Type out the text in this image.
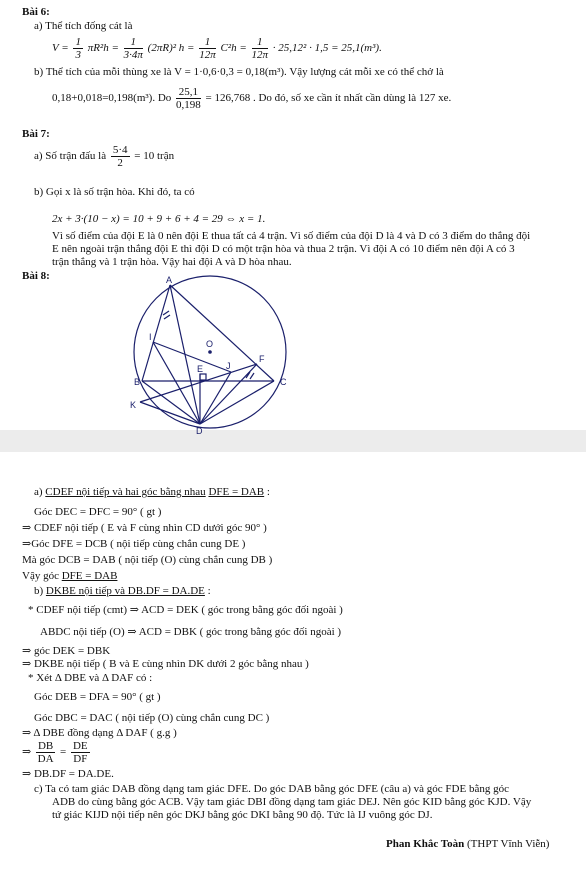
Bài 6:
a) Thể tích đống cát là
$V = \frac{1}{3} \pi R^2h = \frac{1}{3\cdot 4\pi} (2\pi R)^2$ $h = \frac{1}{12\pi} C^2h = \frac{1}{12\pi} \cdot 25,12^2 \cdot 1,5 = 25,1(m^3)$.
b) Thể tích của mỗi thùng xe là V = 1·0,6·0,3 = 0,18(m³). Vậy lượng cát mỗi xe có thể chở là
0,18+0,018=0,198(m³). Do $\frac{25,1}{0,198} = 126,768$ . Do đó, số xe cần ít nhất cần dùng là 127 xe.
Bài 7:
a) Số trận đấu là $\frac{5\cdot 4}{2} = 10$ trận
b) Gọi x là số trận hòa. Khi đó, ta có
2x + 3·(10 − x) = 10 + 9 + 6 + 4 = 29 ⇔ x = 1.
Vì số điểm của đội E là 0 nên đội E thua tất cả 4 trận. Vì số điểm của đội D là 4 và D có 3 điểm do thắng đội
E nên ngoài trận thắng đội E thì đội D có một trận hòa và thua 2 trận. Vì đội A có 10 điểm nên đội A có 3
trận thắng và 1 trận hòa. Vậy hai đội A và D hòa nhau.
Bài 8:	A
B	C
D
E
F
I
J
K
O
a) CDEF nội tiếp và hai góc bằng nhau DFE = DAB :
Góc DEC = DFC = 90° ( gt )
⇒ CDEF nội tiếp ( E và F cùng nhìn CD dưới góc 90° )
⇒Góc DFE = DCB ( nội tiếp cùng chắn cung DE )
Mà góc DCB = DAB ( nội tiếp (O) cùng chắn cung DB )
Vậy góc DFE = DAB
b) DKBE nội tiếp và DB.DF = DA.DE :
* CDEF nội tiếp (cmt) ⇒ ACD = DEK ( góc trong bằng góc đối ngoài )
ABDC nội tiếp (O) ⇒ ACD = DBK ( góc trong bằng góc đối ngoài )
⇒ góc DEK = DBK
⇒ DKBE nội tiếp ( B và E cùng nhìn DK dưới 2 góc bằng nhau )
* Xét Δ DBE và Δ DAF có :
Góc DEB = DFA = 90° ( gt )
Góc DBC = DAC ( nội tiếp (O) cùng chắn cung DC )
⇒ Δ DBE đồng dạng Δ DAF ( g.g )
⇒ $\frac{DB}{DA} = \frac{DE}{DF}$
⇒ DB.DF = DA.DE.
c) Ta có tam giác DAB đồng dạng tam giác DFE. Do góc DAB bằng góc DFE (câu a) và góc FDE bằng góc
ADB do cùng bằng góc ACB. Vậy tam giác DBI đồng dạng tam giác DEJ. Nên góc KID bằng góc KJD. Vậy
tứ giác KIJD nội tiếp nên góc DKJ bằng góc DKI bằng 90 độ. Tức là IJ vuông góc DJ.
Phan Khắc Toàn (THPT Vĩnh Viễn)
